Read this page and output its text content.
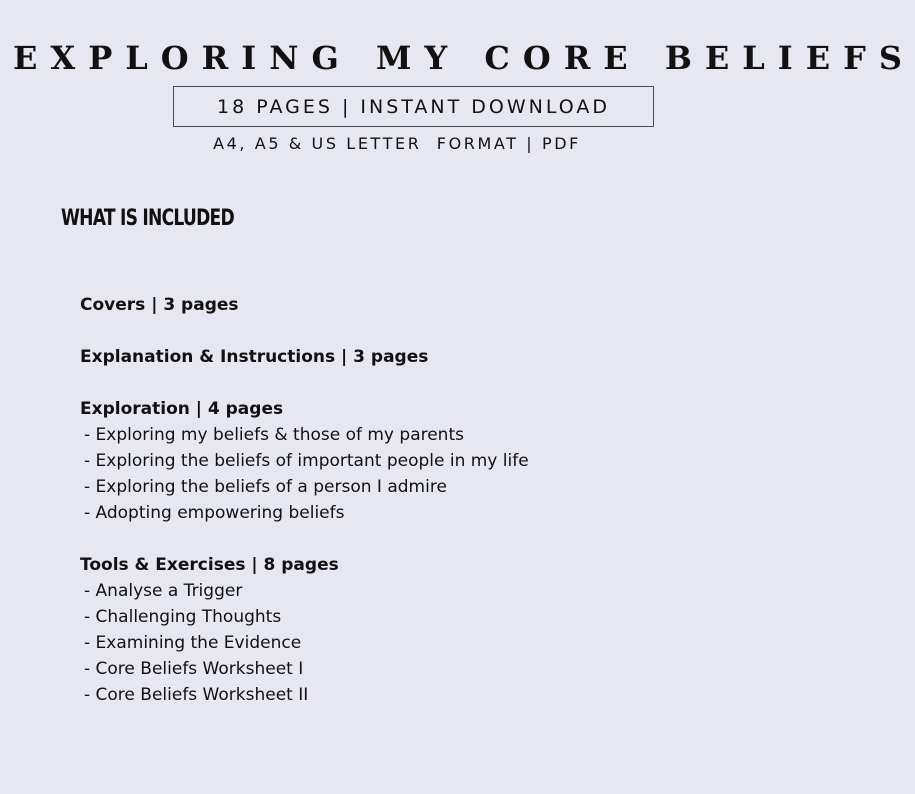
EXPLORING MY CORE BELIEFS
18 PAGES | INSTANT DOWNLOAD
A4, A5 & US LETTER  FORMAT | PDF
WHAT IS INCLUDED
Covers | 3 pages
Explanation & Instructions | 3 pages
Exploration | 4 pages
- Exploring my beliefs & those of my parents
- Exploring the beliefs of important people in my life
- Exploring the beliefs of a person I admire
- Adopting empowering beliefs
Tools & Exercises | 8 pages
- Analyse a Trigger
- Challenging Thoughts
- Examining the Evidence
- Core Beliefs Worksheet I
- Core Beliefs Worksheet II
